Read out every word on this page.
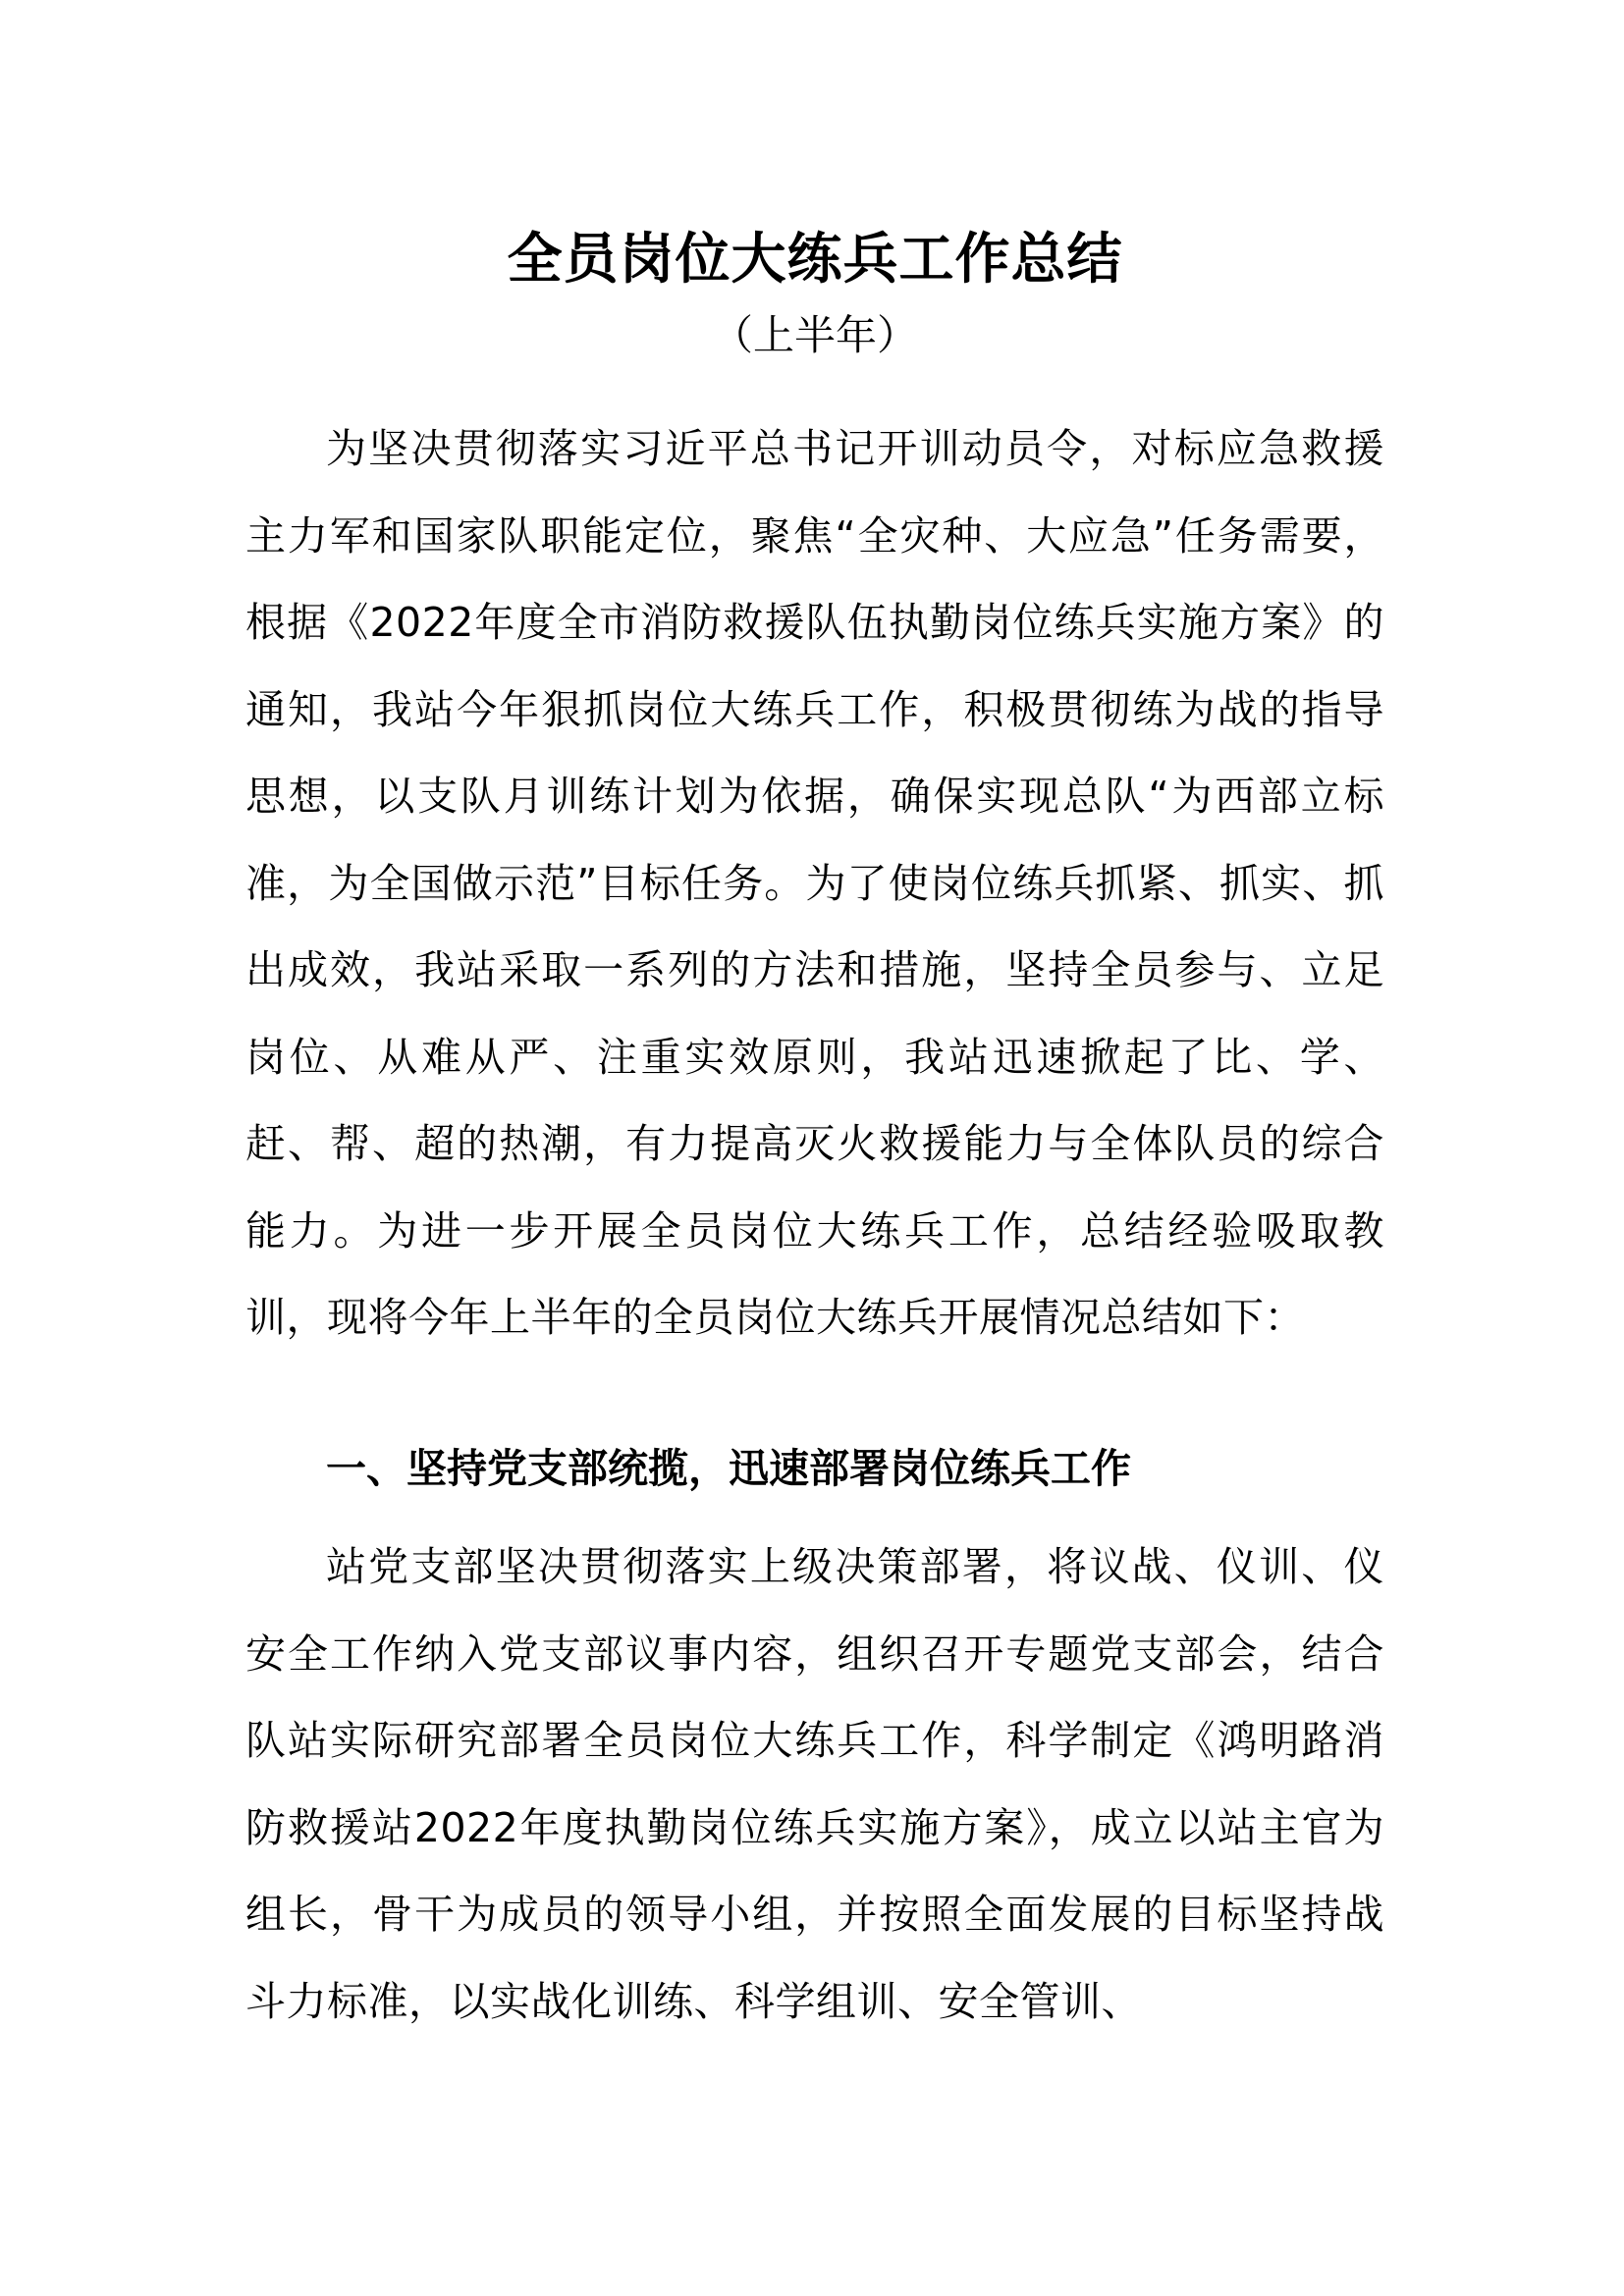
全员岗位大练兵工作总结
（上半年）

为坚决贯彻落实习近平总书记开训动员令，对标应急救援主力军和国家队职能定位，聚焦“全灾种、大应急”任务需要，根据《2022年度全市消防救援队伍执勤岗位练兵实施方案》的通知，我站今年狠抓岗位大练兵工作，积极贯彻练为战的指导思想，以支队月训练计划为依据，确保实现总队“为西部立标准，为全国做示范”目标任务。为了使岗位练兵抓紧、抓实、抓出成效，我站采取一系列的方法和措施，坚持全员参与、立足岗位、从难从严、注重实效原则，我站迅速掀起了比、学、赶、帮、超的热潮，有力提高灭火救援能力与全体队员的综合能力。为进一步开展全员岗位大练兵工作，总结经验吸取教训，现将今年上半年的全员岗位大练兵开展情况总结如下：

一、坚持党支部统揽，迅速部署岗位练兵工作

站党支部坚决贯彻落实上级决策部署，将议战、仪训、仪安全工作纳入党支部议事内容，组织召开专题党支部会，结合队站实际研究部署全员岗位大练兵工作，科学制定《鸿明路消防救援站2022年度执勤岗位练兵实施方案》，成立以站主官为组长，骨干为成员的领导小组，并按照全面发展的目标坚持战斗力标准，以实战化训练、科学组训、安全管训、
